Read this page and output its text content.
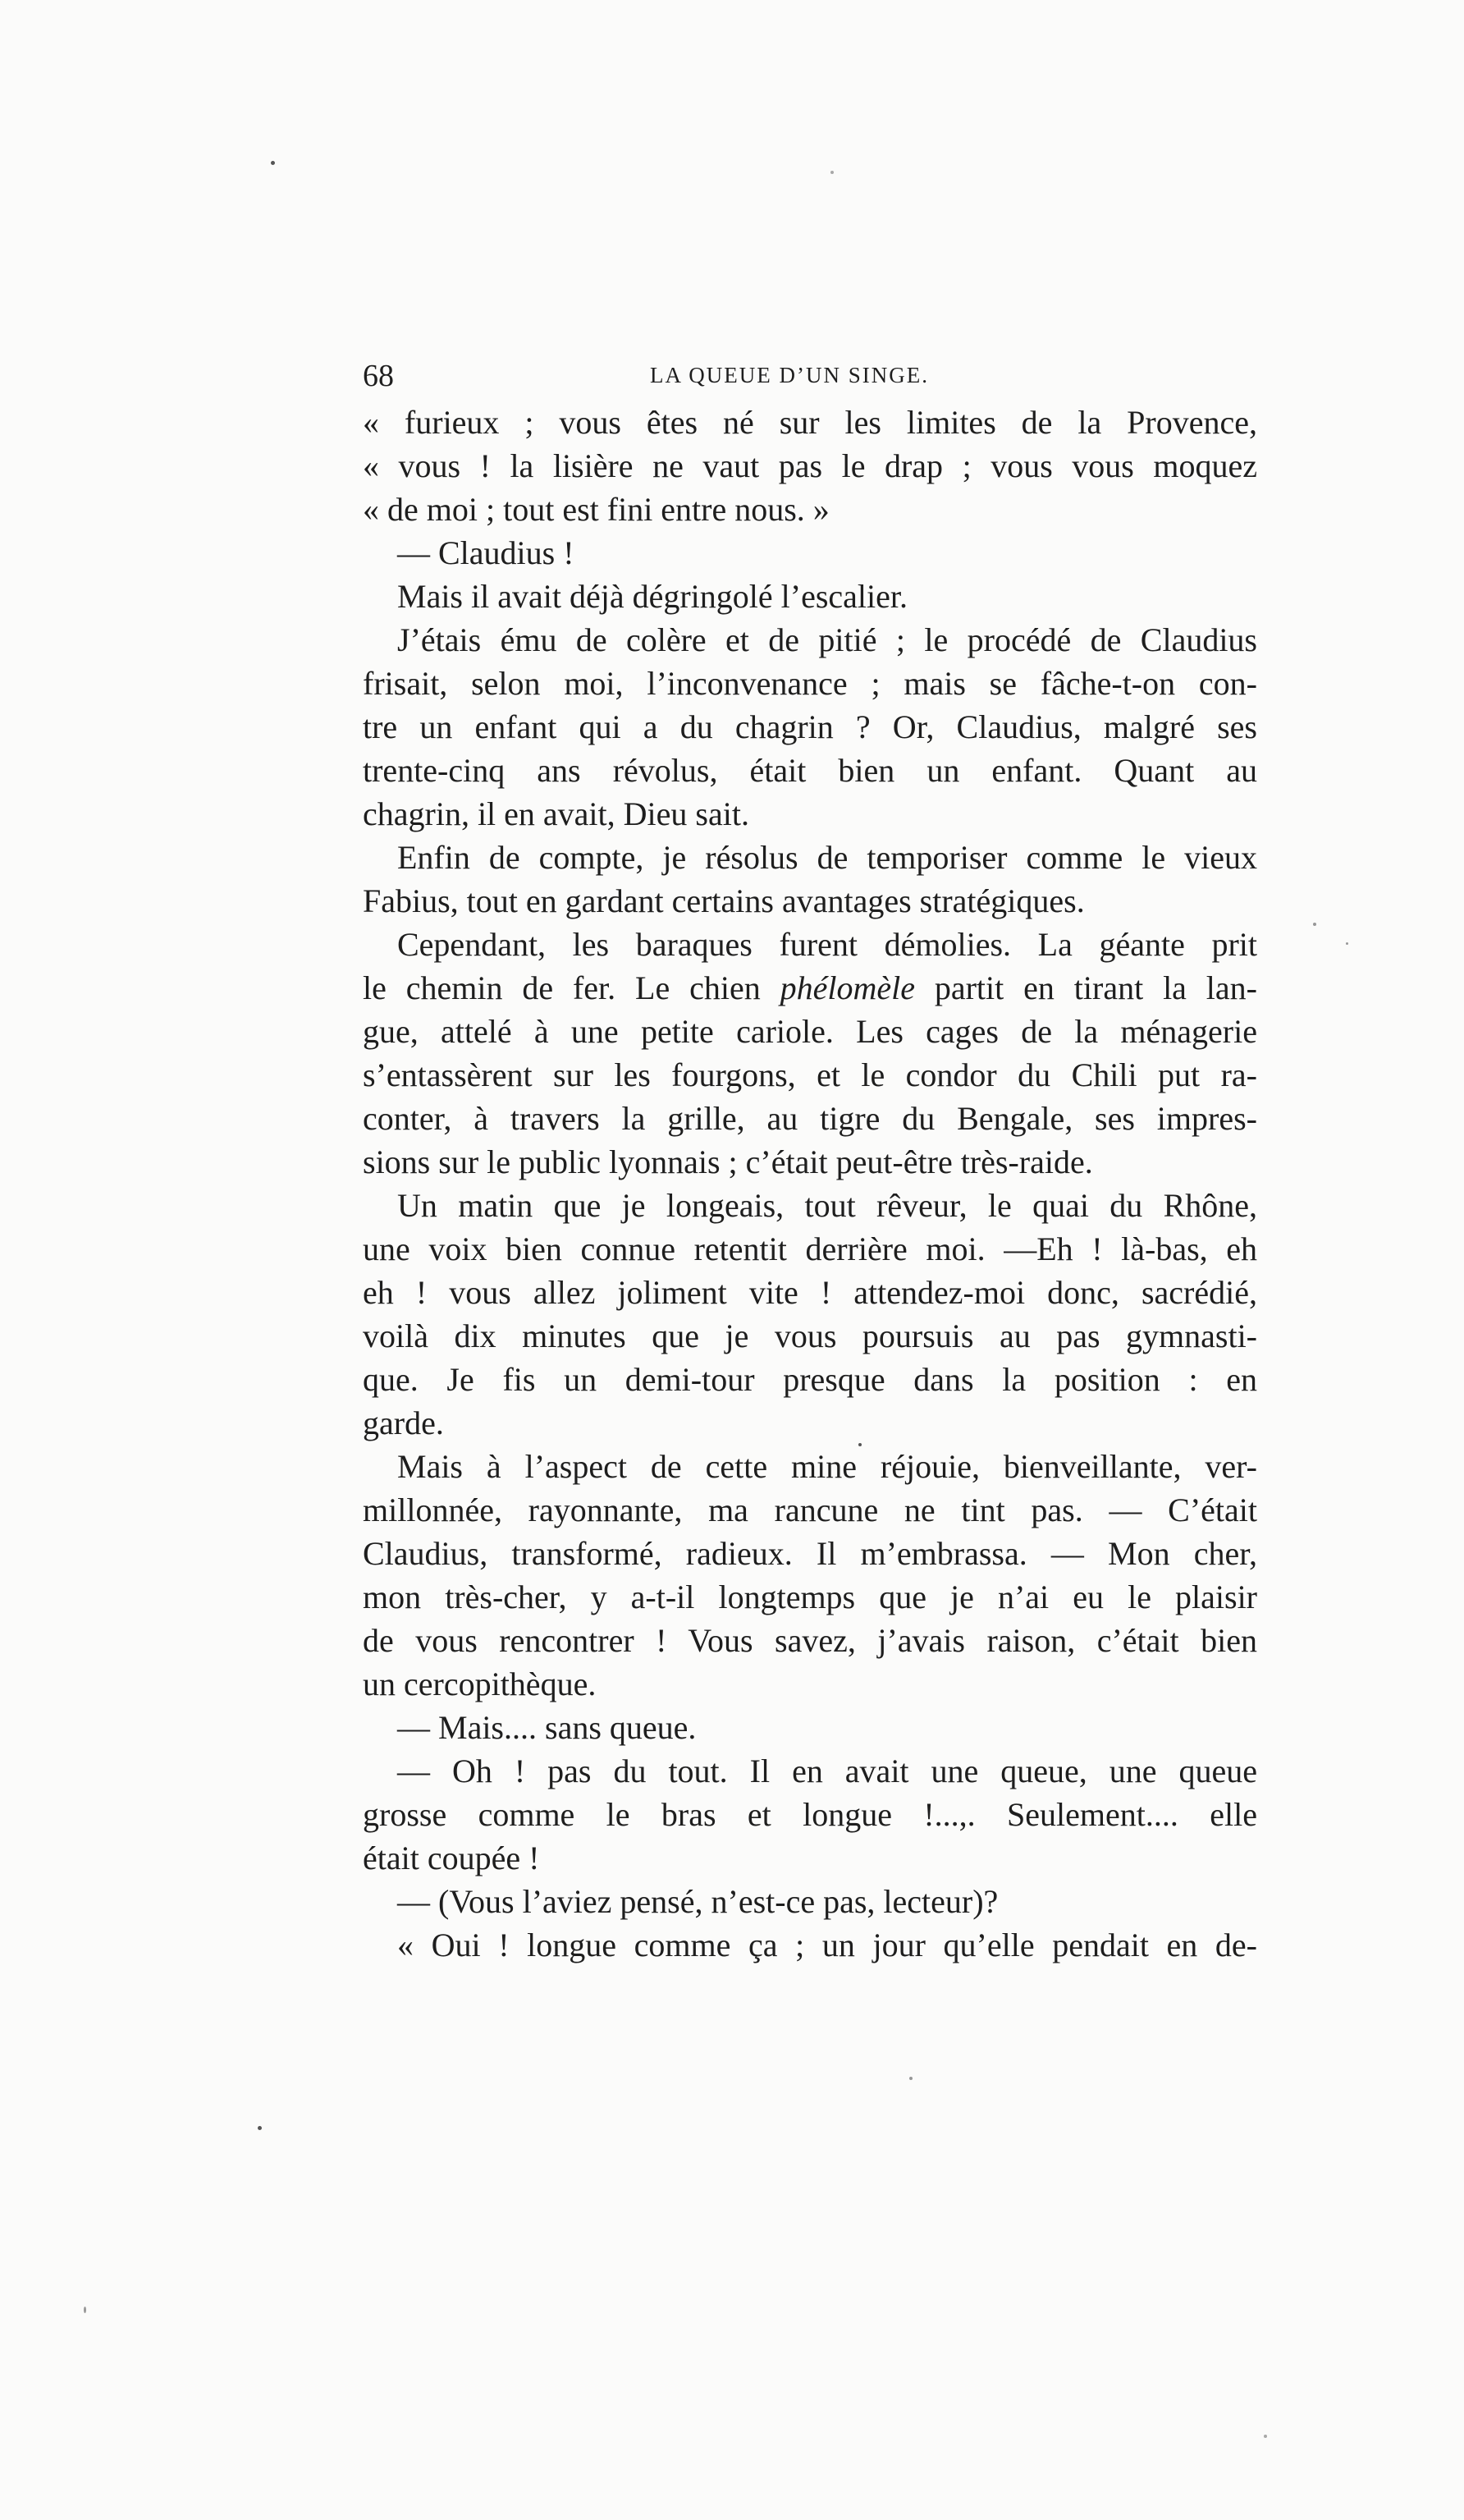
68	LA QUEUE D’UN SINGE.

« furieux ; vous êtes né sur les limites de la Provence,

« vous ! la lisière ne vaut pas le drap ; vous vous moquez

« de moi ; tout est fini entre nous. »

— Claudius !

Mais il avait déjà dégringolé l’escalier.

J’étais ému de colère et de pitié ; le procédé de Claudius

frisait, selon moi, l’inconvenance ; mais se fâche-t-on con-

tre un enfant qui a du chagrin ? Or, Claudius, malgré ses

trente-cinq ans révolus, était bien un enfant. Quant au

chagrin, il en avait, Dieu sait.

Enfin de compte, je résolus de temporiser comme le vieux

Fabius, tout en gardant certains avantages stratégiques.

Cependant, les baraques furent démolies. La géante prit

le chemin de fer. Le chien phélomèle partit en tirant la lan-

gue, attelé à une petite cariole. Les cages de la ménagerie

s’entassèrent sur les fourgons, et le condor du Chili put ra-

conter, à travers la grille, au tigre du Bengale, ses impres-

sions sur le public lyonnais ; c’était peut-être très-raide.

Un matin que je longeais, tout rêveur, le quai du Rhône,

une voix bien connue retentit derrière moi. —Eh ! là-bas, eh

eh ! vous allez joliment vite ! attendez-moi donc, sacrédié,

voilà dix minutes que je vous poursuis au pas gymnasti-

que. Je fis un demi-tour presque dans la position : en

garde.

Mais à l’aspect de cette mine réjouie, bienveillante, ver-

millonnée, rayonnante, ma rancune ne tint pas. — C’était

Claudius, transformé, radieux. Il m’embrassa. — Mon cher,

mon très-cher, y a-t-il longtemps que je n’ai eu le plaisir

de vous rencontrer ! Vous savez, j’avais raison, c’était bien

un cercopithèque.

— Mais.... sans queue.

— Oh ! pas du tout. Il en avait une queue, une queue

grosse comme le bras et longue !...,. Seulement.... elle

était coupée !

— (Vous l’aviez pensé, n’est-ce pas, lecteur)?

« Oui ! longue comme ça ; un jour qu’elle pendait en de-
